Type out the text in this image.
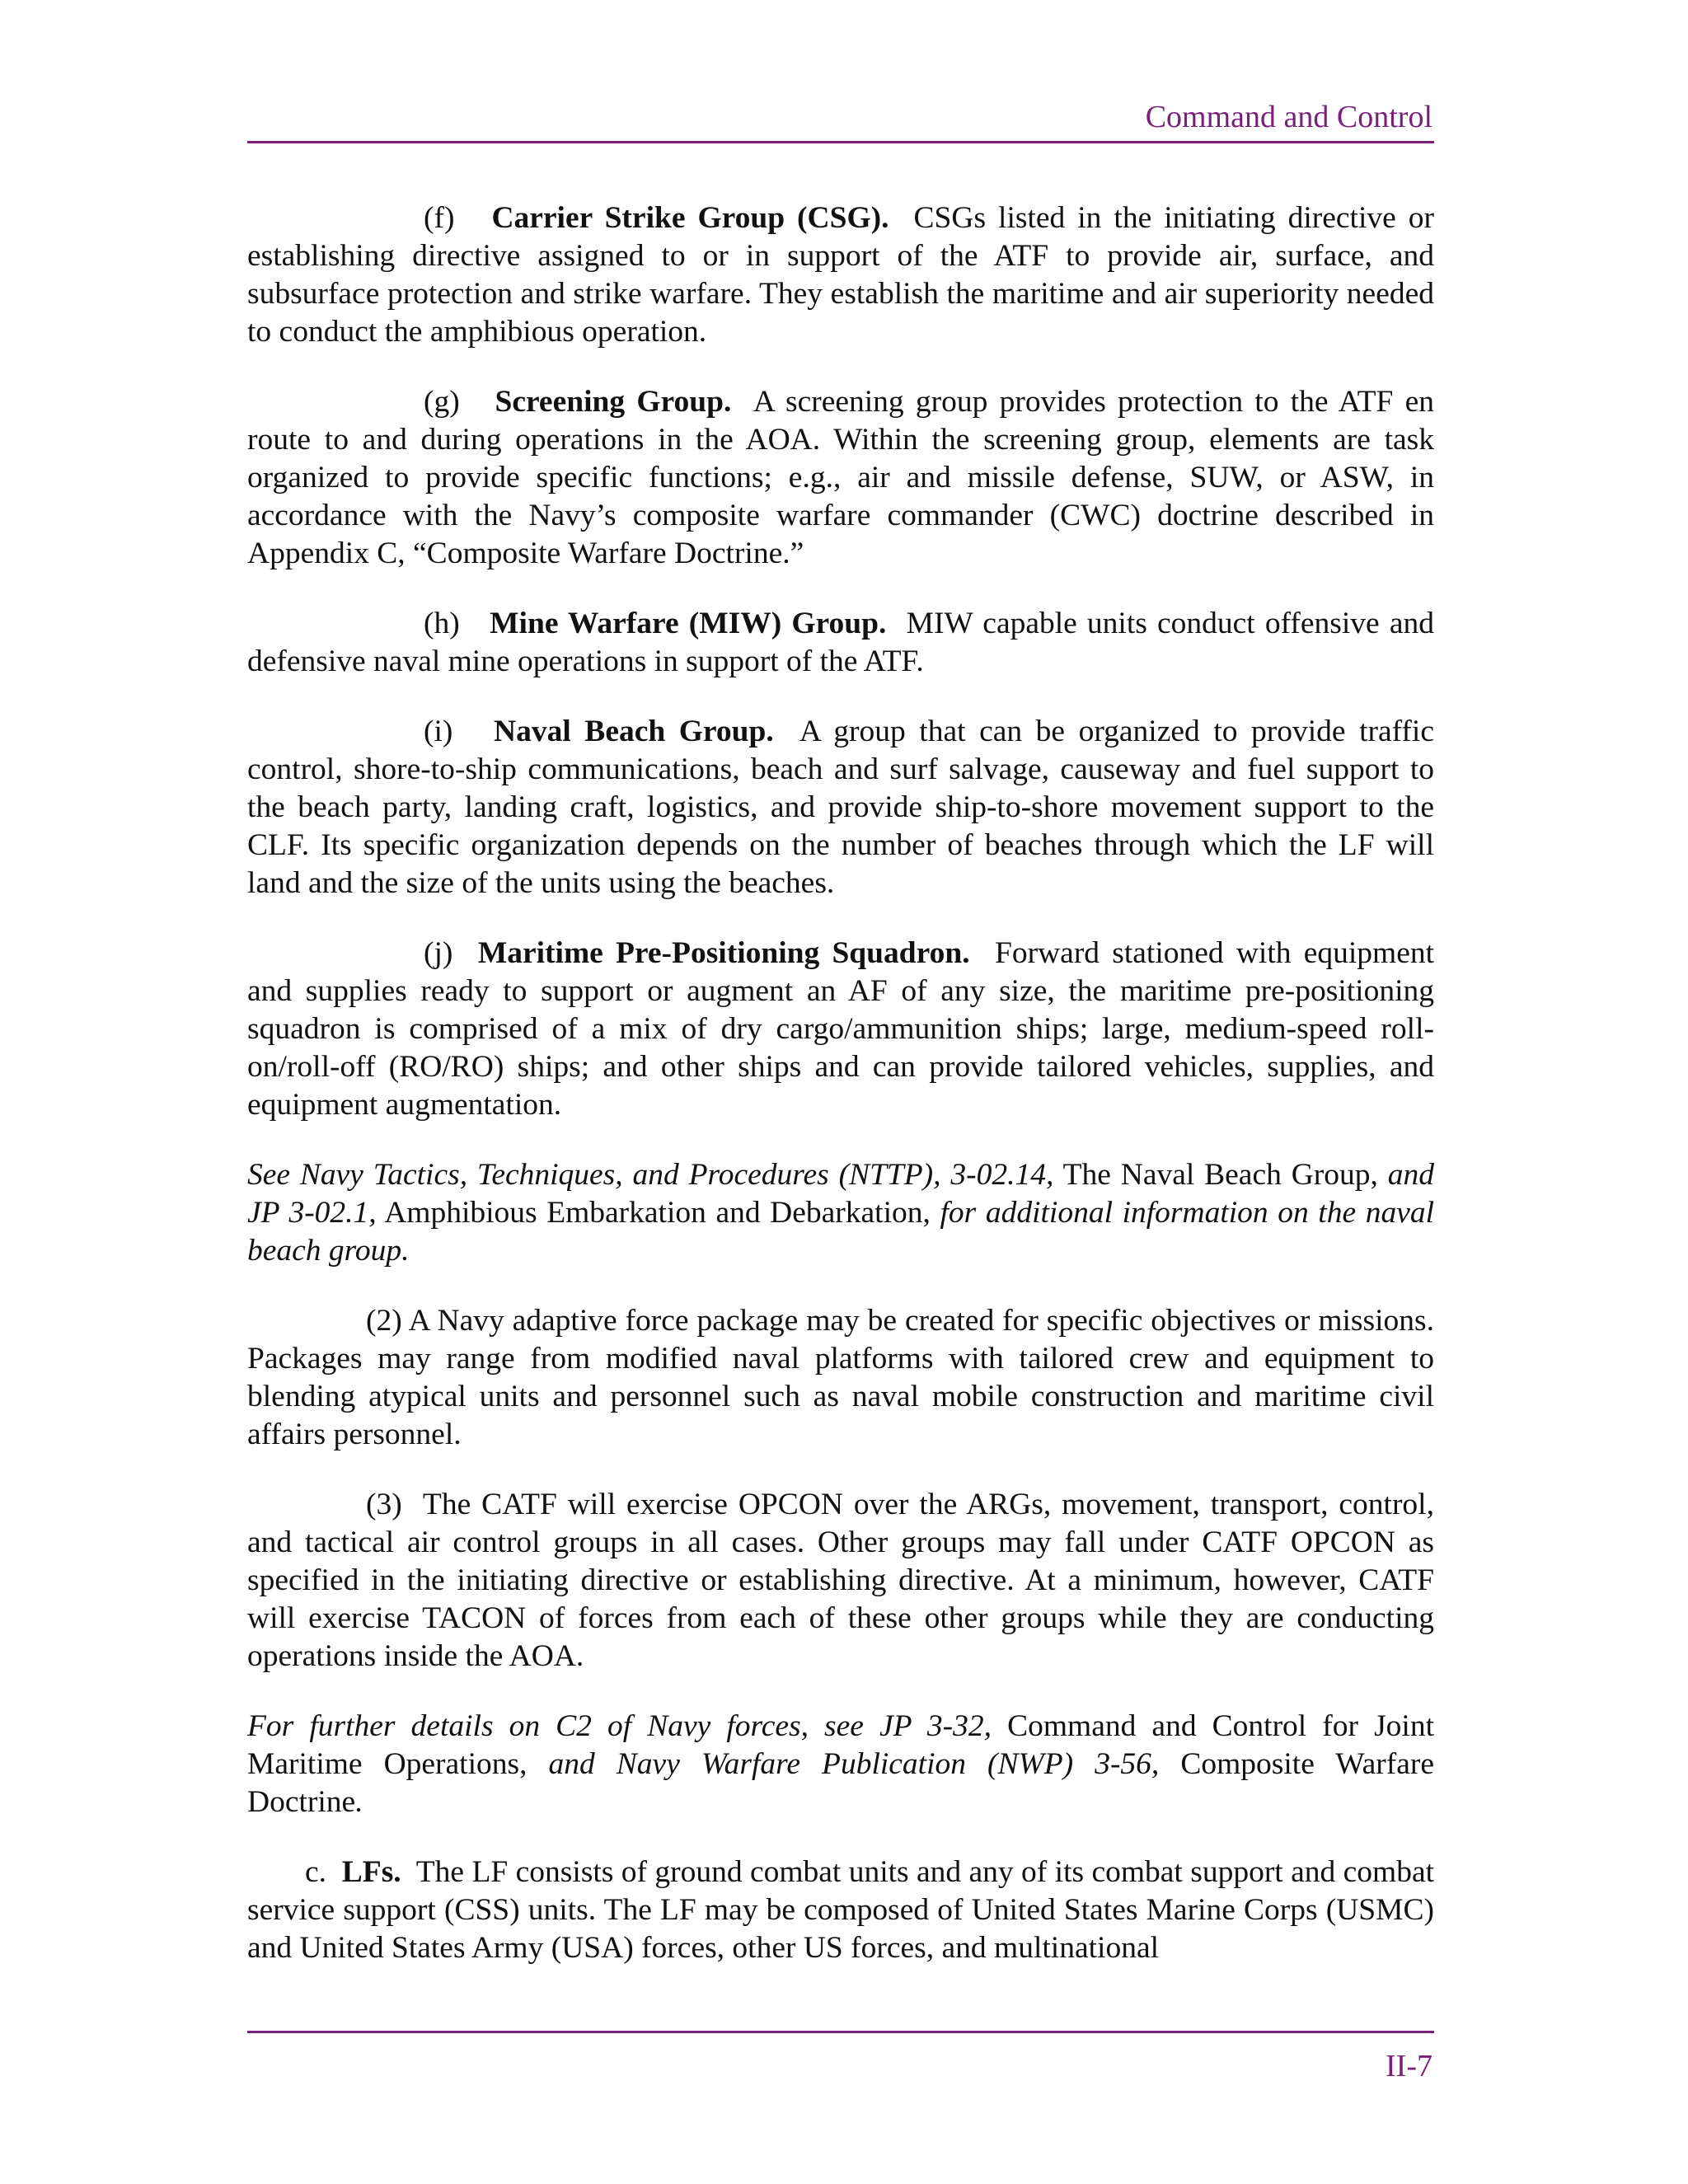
Command and Control

(f) Carrier Strike Group (CSG). CSGs listed in the initiating directive or establishing directive assigned to or in support of the ATF to provide air, surface, and subsurface protection and strike warfare. They establish the maritime and air superiority needed to conduct the amphibious operation.

(g) Screening Group. A screening group provides protection to the ATF en route to and during operations in the AOA. Within the screening group, elements are task organized to provide specific functions; e.g., air and missile defense, SUW, or ASW, in accordance with the Navy’s composite warfare commander (CWC) doctrine described in Appendix C, “Composite Warfare Doctrine.”

(h) Mine Warfare (MIW) Group. MIW capable units conduct offensive and defensive naval mine operations in support of the ATF.

(i) Naval Beach Group. A group that can be organized to provide traffic control, shore-to-ship communications, beach and surf salvage, causeway and fuel support to the beach party, landing craft, logistics, and provide ship-to-shore movement support to the CLF. Its specific organization depends on the number of beaches through which the LF will land and the size of the units using the beaches.

(j) Maritime Pre-Positioning Squadron. Forward stationed with equipment and supplies ready to support or augment an AF of any size, the maritime pre-positioning squadron is comprised of a mix of dry cargo/ammunition ships; large, medium-speed roll-on/roll-off (RO/RO) ships; and other ships and can provide tailored vehicles, supplies, and equipment augmentation.

See Navy Tactics, Techniques, and Procedures (NTTP), 3-02.14, The Naval Beach Group, and JP 3-02.1, Amphibious Embarkation and Debarkation, for additional information on the naval beach group.

(2) A Navy adaptive force package may be created for specific objectives or missions. Packages may range from modified naval platforms with tailored crew and equipment to blending atypical units and personnel such as naval mobile construction and maritime civil affairs personnel.

(3) The CATF will exercise OPCON over the ARGs, movement, transport, control, and tactical air control groups in all cases. Other groups may fall under CATF OPCON as specified in the initiating directive or establishing directive. At a minimum, however, CATF will exercise TACON of forces from each of these other groups while they are conducting operations inside the AOA.

For further details on C2 of Navy forces, see JP 3-32, Command and Control for Joint Maritime Operations, and Navy Warfare Publication (NWP) 3-56, Composite Warfare Doctrine.

c. LFs. The LF consists of ground combat units and any of its combat support and combat service support (CSS) units. The LF may be composed of United States Marine Corps (USMC) and United States Army (USA) forces, other US forces, and multinational

II-7
